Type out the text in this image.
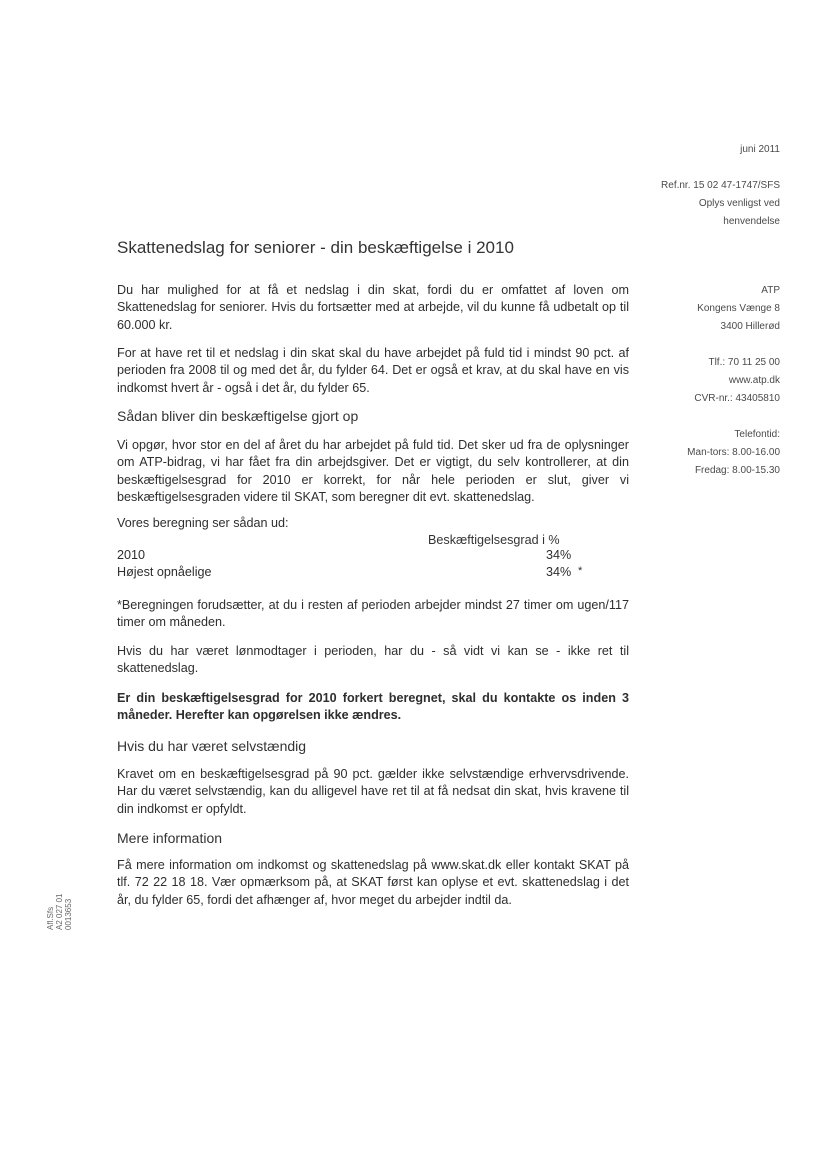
juni 2011
Ref.nr. 15 02 47-1747/SFS
Oplys venligst ved
henvendelse
Skattenedslag for seniorer - din beskæftigelse i 2010
ATP
Kongens Vænge 8
3400 Hillerød
Tlf.: 70 11 25 00
www.atp.dk
CVR-nr.: 43405810
Telefontid:
Man-tors: 8.00-16.00
Fredag: 8.00-15.30
Du har mulighed for at få et nedslag i din skat, fordi du er omfattet af loven om Skattenedslag for seniorer. Hvis du fortsætter med at arbejde, vil du kunne få udbetalt op til 60.000 kr.
For at have ret til et nedslag i din skat skal du have arbejdet på fuld tid i mindst 90 pct. af perioden fra 2008 til og med det år, du fylder 64. Det er også et krav, at du skal have en vis indkomst hvert år - også i det år, du fylder 65.
Sådan bliver din beskæftigelse gjort op
Vi opgør, hvor stor en del af året du har arbejdet på fuld tid. Det sker ud fra de oplysninger om ATP-bidrag, vi har fået fra din arbejdsgiver. Det er vigtigt, du selv kontrollerer, at din beskæftigelsesgrad for 2010 er korrekt, for når hele perioden er slut, giver vi beskæftigelsesgraden videre til SKAT, som beregner dit evt. skattenedslag.
Vores beregning ser sådan ud:
Beskæftigelsesgrad i %
2010	34%
Højest opnåelige	34% *
*Beregningen forudsætter, at du i resten af perioden arbejder mindst 27 timer om ugen/117 timer om måneden.
Hvis du har været lønmodtager i perioden, har du - så vidt vi kan se - ikke ret til skattenedslag.
Er din beskæftigelsesgrad for 2010 forkert beregnet, skal du kontakte os inden 3 måneder. Herefter kan opgørelsen ikke ændres.
Hvis du har været selvstændig
Kravet om en beskæftigelsesgrad på 90 pct. gælder ikke selvstændige erhvervsdrivende. Har du været selvstændig, kan du alligevel have ret til at få nedsat din skat, hvis kravene til din indkomst er opfyldt.
Mere information
Få mere information om indkomst og skattenedslag på www.skat.dk eller kontakt SKAT på tlf. 72 22 18 18. Vær opmærksom på, at SKAT først kan oplyse et evt. skattenedslag i det år, du fylder 65, fordi det afhænger af, hvor meget du arbejder indtil da.
Afl.Sfs A2 027 01 0013653
